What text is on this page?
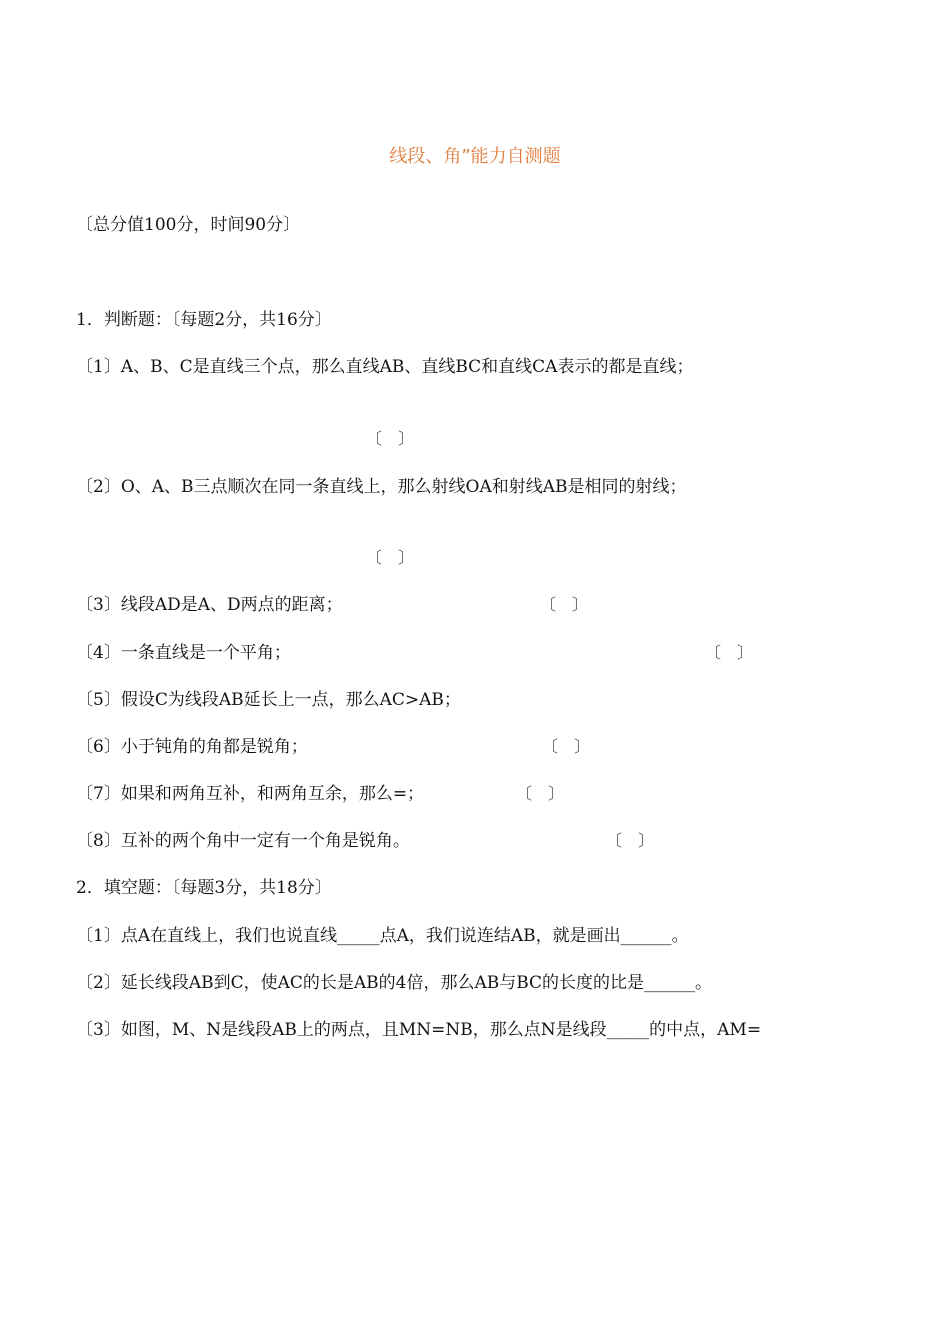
线段、角”能力自测题
〔总分值100分，时间90分〕
1．判断题：〔每题2分，共16分〕
〔1〕A、B、C是直线三个点，那么直线AB、直线BC和直线CA表示的都是直线；
〔　〕
〔2〕O、A、B三点顺次在同一条直线上，那么射线OA和射线AB是相同的射线；
〔　〕
〔3〕线段AD是A、D两点的距离；	〔　〕
〔4〕一条直线是一个平角；	〔　〕
〔5〕假设C为线段AB延长上一点，那么AC>AB；
〔6〕小于钝角的角都是锐角；	〔　〕
〔7〕如果和两角互补，和两角互余，那么=；	〔　〕
〔8〕互补的两个角中一定有一个角是锐角。	〔　〕
2．填空题：〔每题3分，共18分〕
〔1〕点A在直线上，我们也说直线_____点A，我们说连结AB，就是画出______。
〔2〕延长线段AB到C，使AC的长是AB的4倍，那么AB与BC的长度的比是______。
〔3〕如图，M、N是线段AB上的两点，且MN=NB，那么点N是线段_____的中点，AM=
